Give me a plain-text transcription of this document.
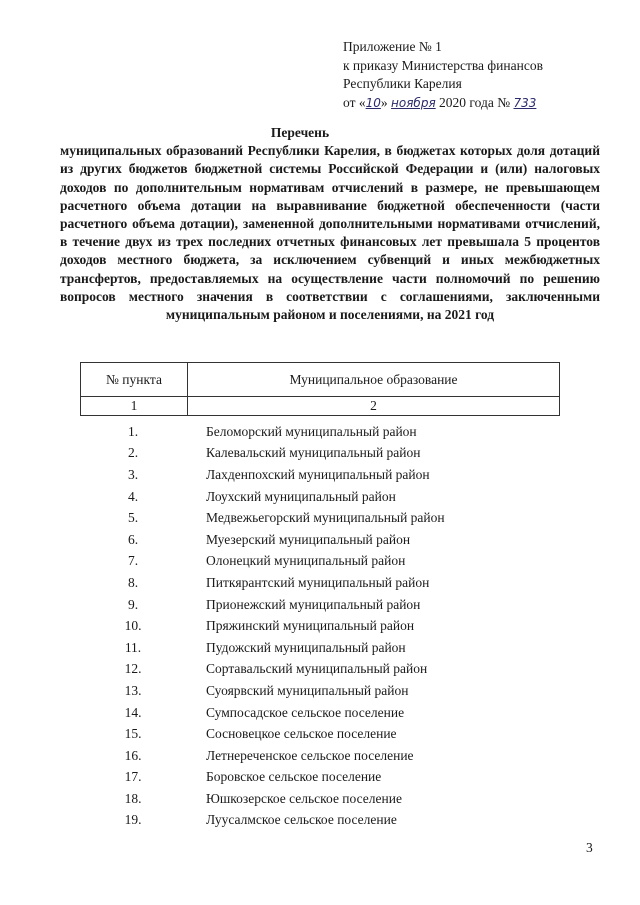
Приложение № 1
к приказу Министерства финансов
Республики Карелия
от «10» ноября 2020 года № 733
Перечень
муниципальных образований Республики Карелия, в бюджетах которых доля дотаций из других бюджетов бюджетной системы Российской Федерации и (или) налоговых доходов по дополнительным нормативам отчислений в размере, не превышающем расчетного объема дотации на выравнивание бюджетной обеспеченности (части расчетного объема дотации), замененной дополнительными нормативами отчислений, в течение двух из трех последних отчетных финансовых лет превышала 5 процентов доходов местного бюджета, за исключением субвенций и иных межбюджетных трансфертов, предоставляемых на осуществление части полномочий по решению вопросов местного значения в соответствии с соглашениями, заключенными муниципальным районом и поселениями, на 2021 год
№ пункта	Муниципальное образование
1	2
1.	Беломорский муниципальный район
2.	Калевальский муниципальный район
3.	Лахденпохский муниципальный район
4.	Лоухский муниципальный район
5.	Медвежьегорский муниципальный район
6.	Муезерский муниципальный район
7.	Олонецкий муниципальный район
8.	Питкярантский муниципальный район
9.	Прионежский муниципальный район
10.	Пряжинский муниципальный район
11.	Пудожский муниципальный район
12.	Сортавальский муниципальный район
13.	Суоярвский муниципальный район
14.	Сумпосадское сельское поселение
15.	Сосновецкое сельское поселение
16.	Летнереченское сельское поселение
17.	Боровское сельское поселение
18.	Юшкозерское сельское поселение
19.	Луусалмское сельское поселение
3
